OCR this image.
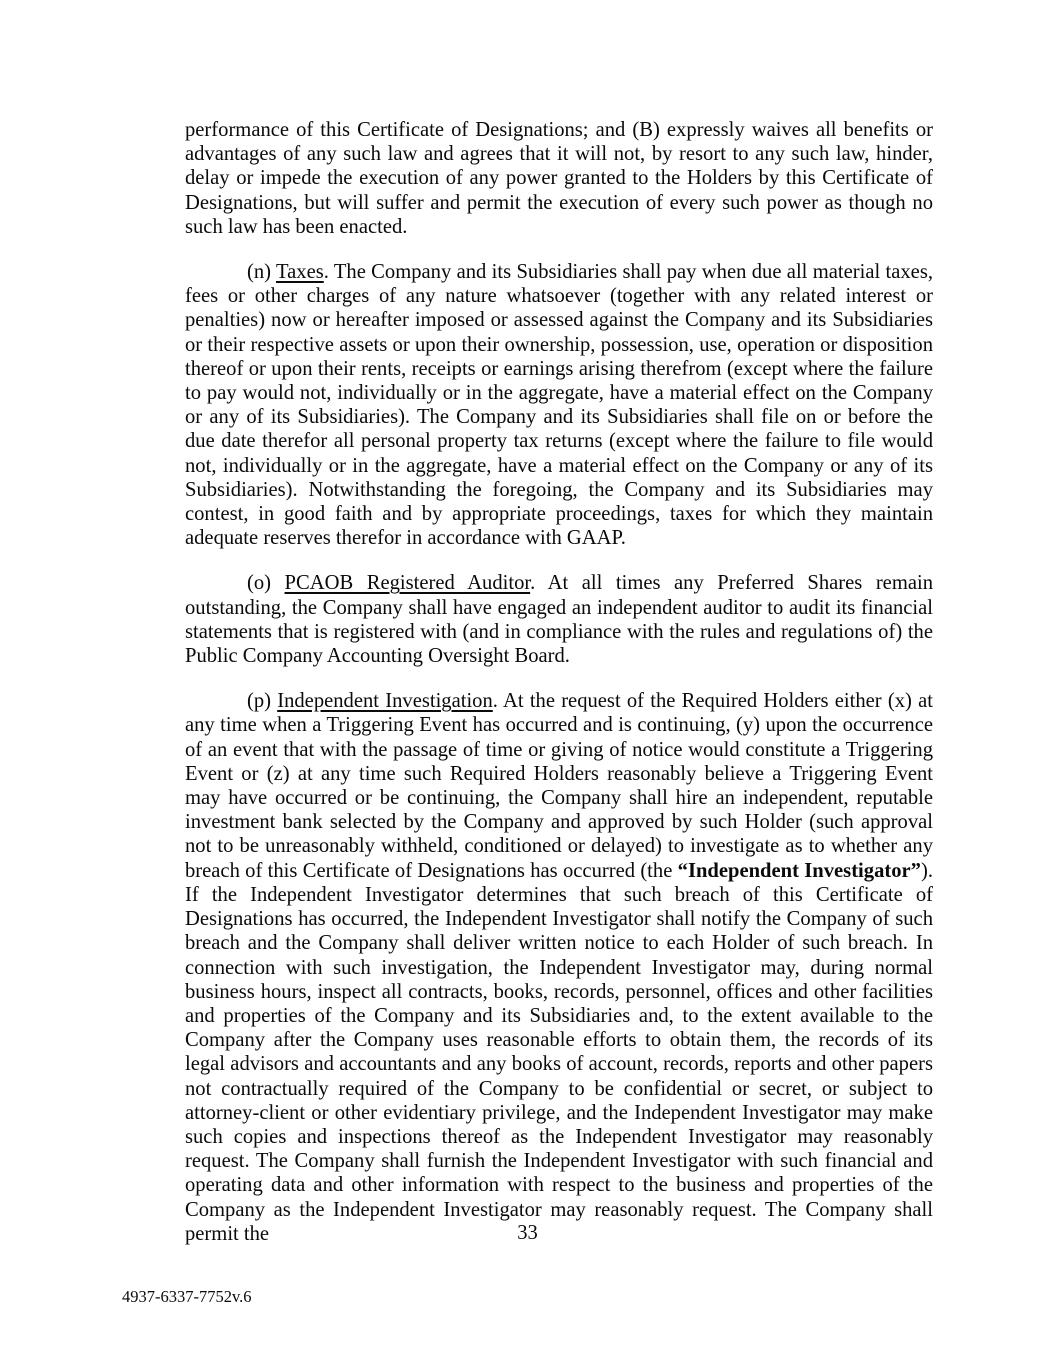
performance of this Certificate of Designations; and (B) expressly waives all benefits or advantages of any such law and agrees that it will not, by resort to any such law, hinder, delay or impede the execution of any power granted to the Holders by this Certificate of Designations, but will suffer and permit the execution of every such power as though no such law has been enacted.

(n) Taxes. The Company and its Subsidiaries shall pay when due all material taxes, fees or other charges of any nature whatsoever (together with any related interest or penalties) now or hereafter imposed or assessed against the Company and its Subsidiaries or their respective assets or upon their ownership, possession, use, operation or disposition thereof or upon their rents, receipts or earnings arising therefrom (except where the failure to pay would not, individually or in the aggregate, have a material effect on the Company or any of its Subsidiaries). The Company and its Subsidiaries shall file on or before the due date therefor all personal property tax returns (except where the failure to file would not, individually or in the aggregate, have a material effect on the Company or any of its Subsidiaries). Notwithstanding the foregoing, the Company and its Subsidiaries may contest, in good faith and by appropriate proceedings, taxes for which they maintain adequate reserves therefor in accordance with GAAP.

(o) PCAOB Registered Auditor. At all times any Preferred Shares remain outstanding, the Company shall have engaged an independent auditor to audit its financial statements that is registered with (and in compliance with the rules and regulations of) the Public Company Accounting Oversight Board.

(p) Independent Investigation. At the request of the Required Holders either (x) at any time when a Triggering Event has occurred and is continuing, (y) upon the occurrence of an event that with the passage of time or giving of notice would constitute a Triggering Event or (z) at any time such Required Holders reasonably believe a Triggering Event may have occurred or be continuing, the Company shall hire an independent, reputable investment bank selected by the Company and approved by such Holder (such approval not to be unreasonably withheld, conditioned or delayed) to investigate as to whether any breach of this Certificate of Designations has occurred (the “Independent Investigator”). If the Independent Investigator determines that such breach of this Certificate of Designations has occurred, the Independent Investigator shall notify the Company of such breach and the Company shall deliver written notice to each Holder of such breach. In connection with such investigation, the Independent Investigator may, during normal business hours, inspect all contracts, books, records, personnel, offices and other facilities and properties of the Company and its Subsidiaries and, to the extent available to the Company after the Company uses reasonable efforts to obtain them, the records of its legal advisors and accountants and any books of account, records, reports and other papers not contractually required of the Company to be confidential or secret, or subject to attorney-client or other evidentiary privilege, and the Independent Investigator may make such copies and inspections thereof as the Independent Investigator may reasonably request. The Company shall furnish the Independent Investigator with such financial and operating data and other information with respect to the business and properties of the Company as the Independent Investigator may reasonably request. The Company shall permit the	33
4937-6337-7752v.6
